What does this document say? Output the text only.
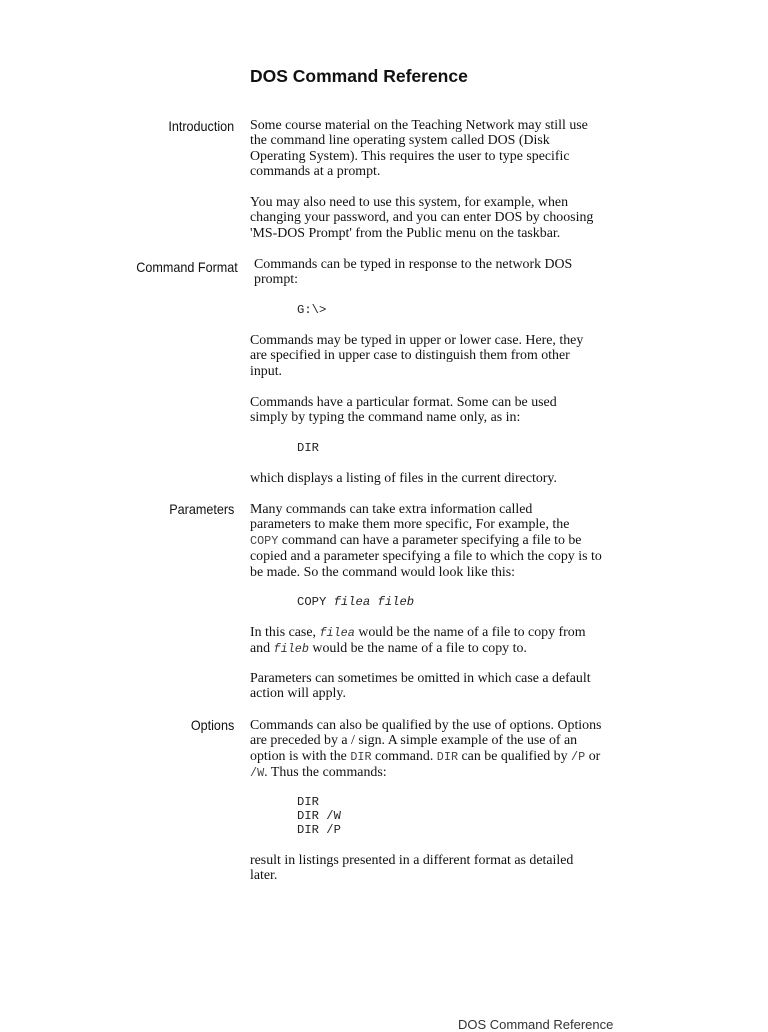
DOS Command Reference
Introduction Some course material on the Teaching Network may still use
the command line operating system called DOS (Disk
Operating System). This requires the user to type specific
commands at a prompt.

You may also need to use this system, for example, when
changing your password, and you can enter DOS by choosing
'MS-DOS Prompt' from the Public menu on the taskbar.

Command Format Commands can be typed in response to the network DOS
prompt:

G:\>

Commands may be typed in upper or lower case. Here, they
are specified in upper case to distinguish them from other
input.

Commands have a particular format. Some can be used
simply by typing the command name only, as in:

DIR

which displays a listing of files in the current directory.

Parameters Many commands can take extra information called
parameters to make them more specific, For example, the
COPY command can have a parameter specifying a file to be
copied and a parameter specifying a file to which the copy is to
be made. So the command would look like this:

COPY filea fileb

In this case, filea would be the name of a file to copy from
and fileb would be the name of a file to copy to.

Parameters can sometimes be omitted in which case a default
action will apply.

Options Commands can also be qualified by the use of options. Options
are preceded by a / sign. A simple example of the use of an
option is with the DIR command. DIR can be qualified by /P or
/W. Thus the commands:

DIR
DIR /W
DIR /P

result in listings presented in a different format as detailed
later.

DOS Command Reference
